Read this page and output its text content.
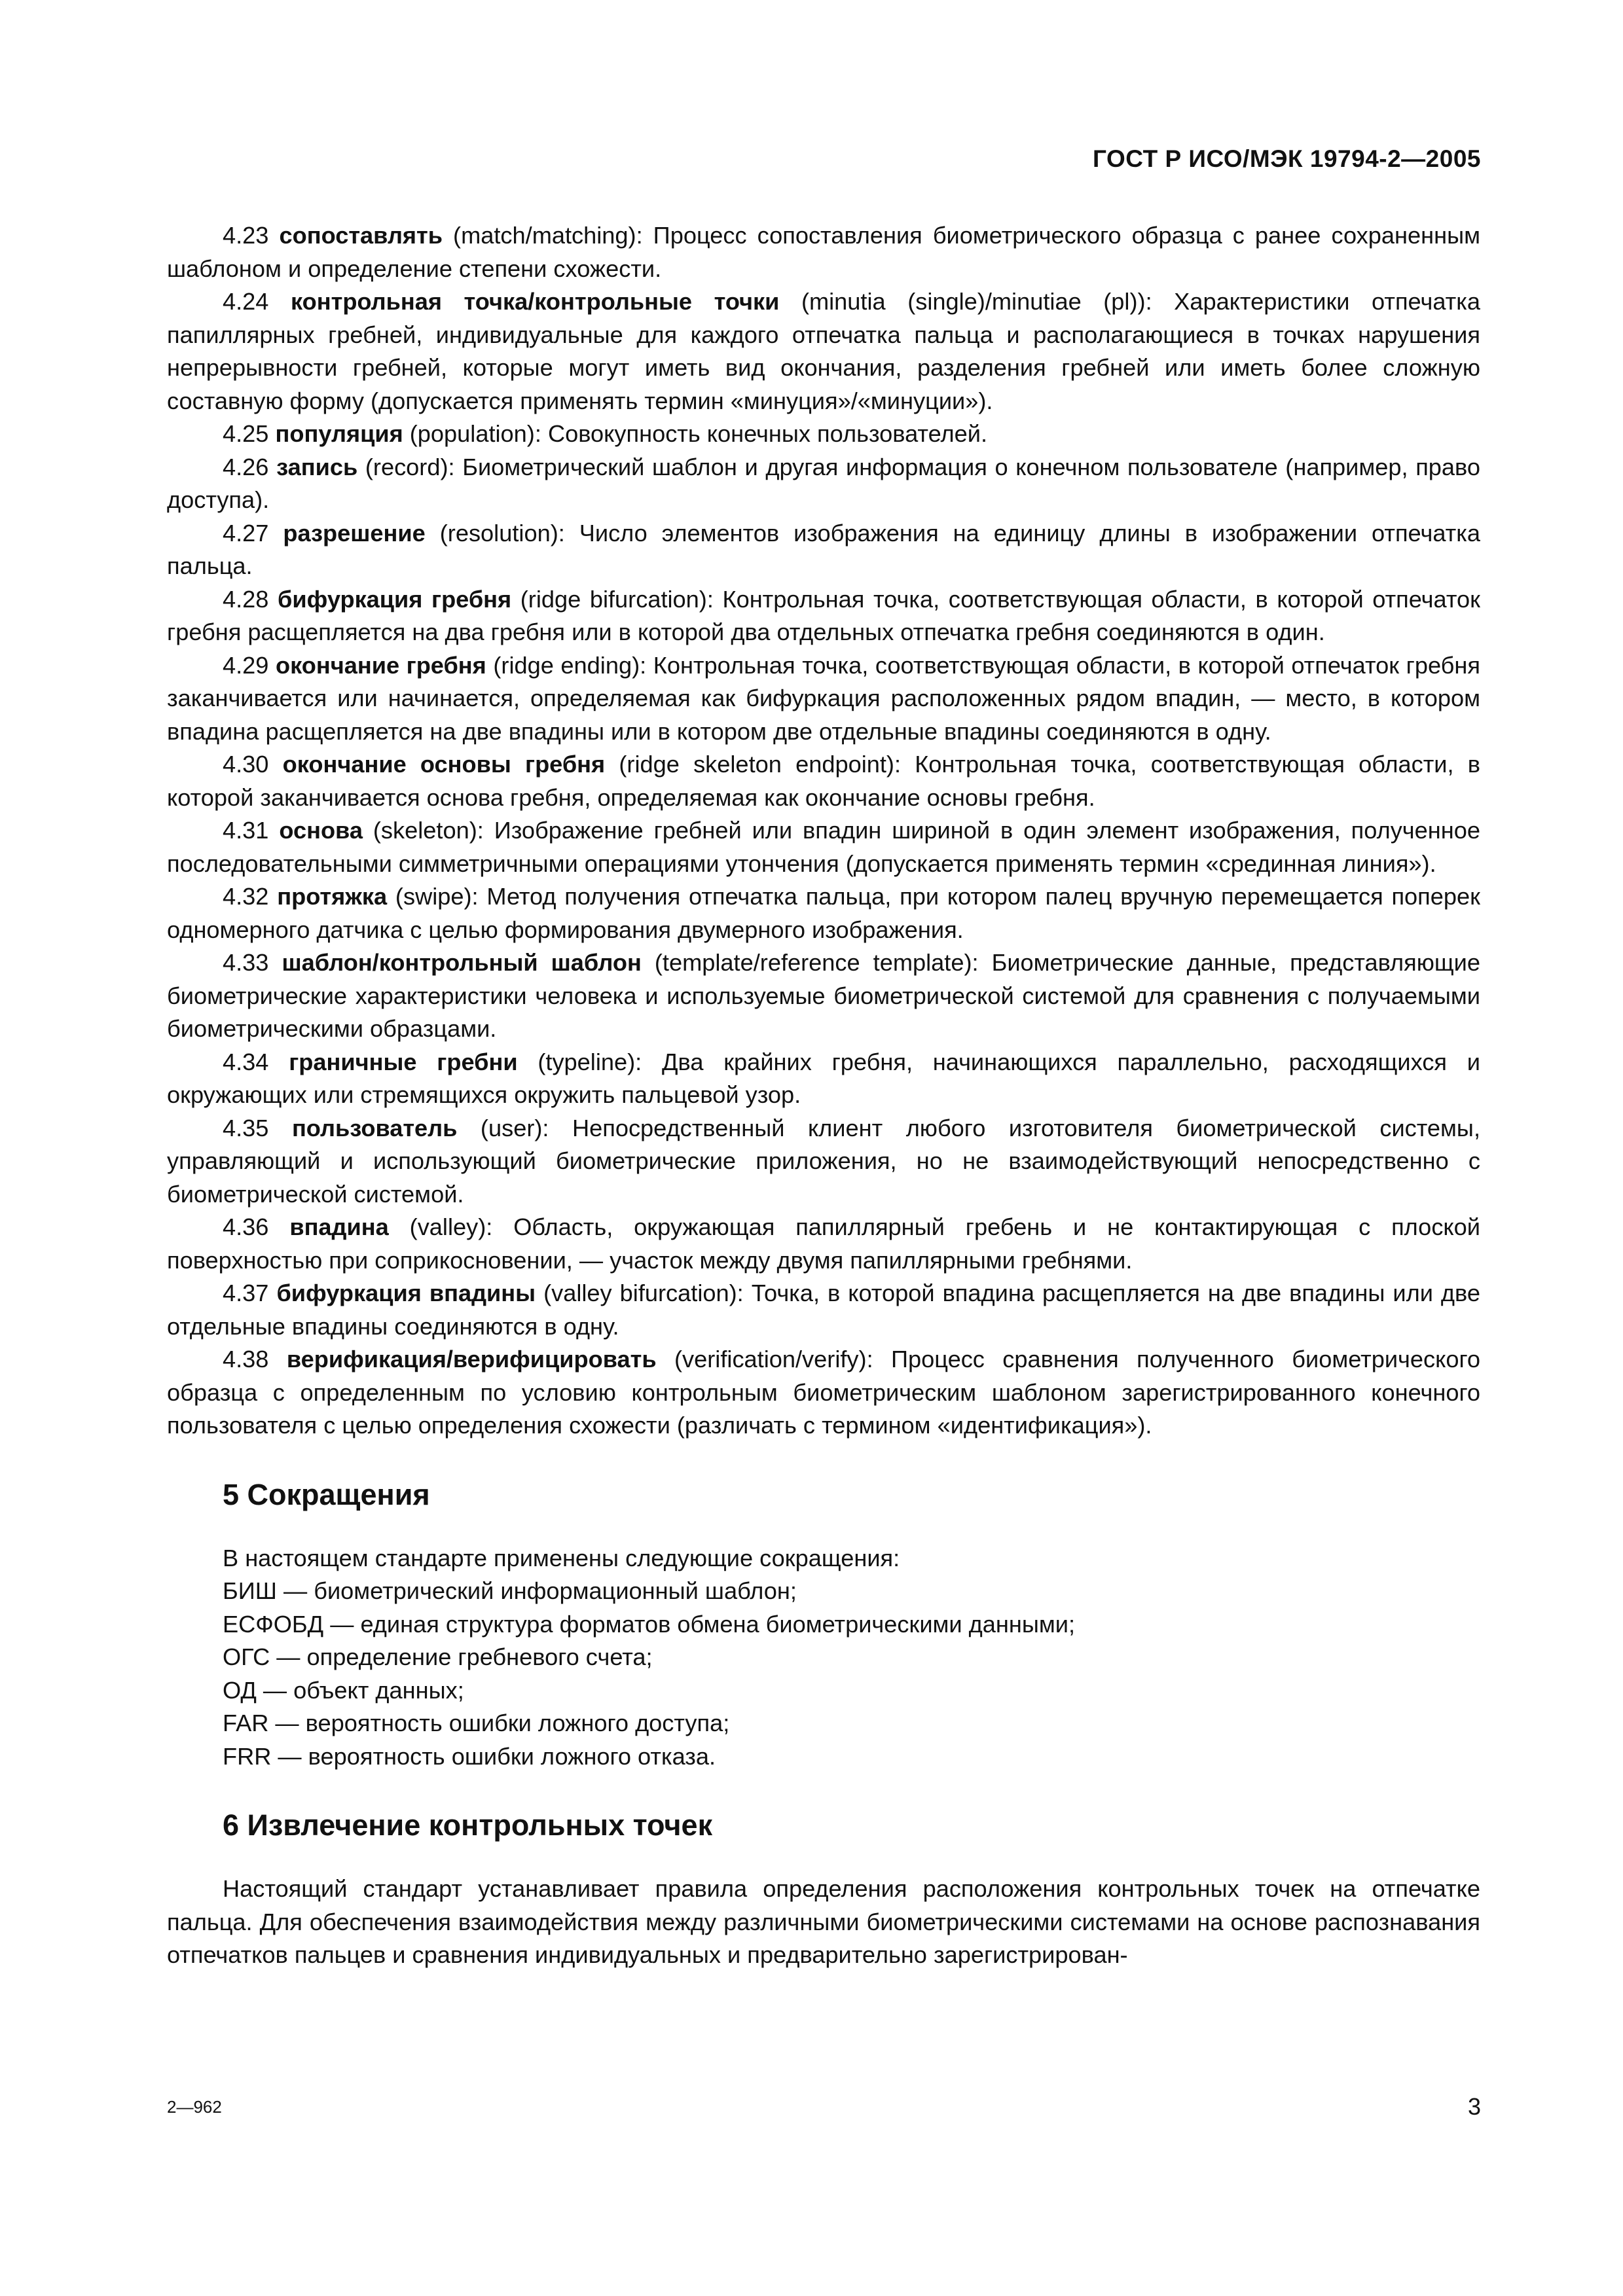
ГОСТ Р ИСО/МЭК 19794-2—2005

4.23 сопоставлять (match/matching): Процесс сопоставления биометрического образца с ранее сохраненным шаблоном и определение степени схожести.

4.24 контрольная точка/контрольные точки (minutia (single)/minutiae (pl)): Характеристики отпечатка папиллярных гребней, индивидуальные для каждого отпечатка пальца и располагающиеся в точках нарушения непрерывности гребней, которые могут иметь вид окончания, разделения гребней или иметь более сложную составную форму (допускается применять термин «минуция»/«минуции»).

4.25 популяция (population): Совокупность конечных пользователей.

4.26 запись (record): Биометрический шаблон и другая информация о конечном пользователе (например, право доступа).

4.27 разрешение (resolution): Число элементов изображения на единицу длины в изображении отпечатка пальца.

4.28 бифуркация гребня (ridge bifurcation): Контрольная точка, соответствующая области, в которой отпечаток гребня расщепляется на два гребня или в которой два отдельных отпечатка гребня соединяются в один.

4.29 окончание гребня (ridge ending): Контрольная точка, соответствующая области, в которой отпечаток гребня заканчивается или начинается, определяемая как бифуркация расположенных рядом впадин, — место, в котором впадина расщепляется на две впадины или в котором две отдельные впадины соединяются в одну.

4.30 окончание основы гребня (ridge skeleton endpoint): Контрольная точка, соответствующая области, в которой заканчивается основа гребня, определяемая как окончание основы гребня.

4.31 основа (skeleton): Изображение гребней или впадин шириной в один элемент изображения, полученное последовательными симметричными операциями утончения (допускается применять термин «срединная линия»).

4.32 протяжка (swipe): Метод получения отпечатка пальца, при котором палец вручную перемещается поперек одномерного датчика с целью формирования двумерного изображения.

4.33 шаблон/контрольный шаблон (template/reference template): Биометрические данные, представляющие биометрические характеристики человека и используемые биометрической системой для сравнения с получаемыми биометрическими образцами.

4.34 граничные гребни (typeline): Два крайних гребня, начинающихся параллельно, расходящихся и окружающих или стремящихся окружить пальцевой узор.

4.35 пользователь (user): Непосредственный клиент любого изготовителя биометрической системы, управляющий и использующий биометрические приложения, но не взаимодействующий непосредственно с биометрической системой.

4.36 впадина (valley): Область, окружающая папиллярный гребень и не контактирующая с плоской поверхностью при соприкосновении, — участок между двумя папиллярными гребнями.

4.37 бифуркация впадины (valley bifurcation): Точка, в которой впадина расщепляется на две впадины или две отдельные впадины соединяются в одну.

4.38 верификация/верифицировать (verification/verify): Процесс сравнения полученного биометрического образца с определенным по условию контрольным биометрическим шаблоном зарегистрированного конечного пользователя с целью определения схожести (различать с термином «идентификация»).

5 Сокращения

В настоящем стандарте применены следующие сокращения:

БИШ — биометрический информационный шаблон;

ЕСФОБД — единая структура форматов обмена биометрическими данными;

ОГС — определение гребневого счета;

ОД — объект данных;

FAR — вероятность ошибки ложного доступа;

FRR — вероятность ошибки ложного отказа.

6 Извлечение контрольных точек

Настоящий стандарт устанавливает правила определения расположения контрольных точек на отпечатке пальца. Для обеспечения взаимодействия между различными биометрическими системами на основе распознавания отпечатков пальцев и сравнения индивидуальных и предварительно зарегистрирован-

2—962	3
